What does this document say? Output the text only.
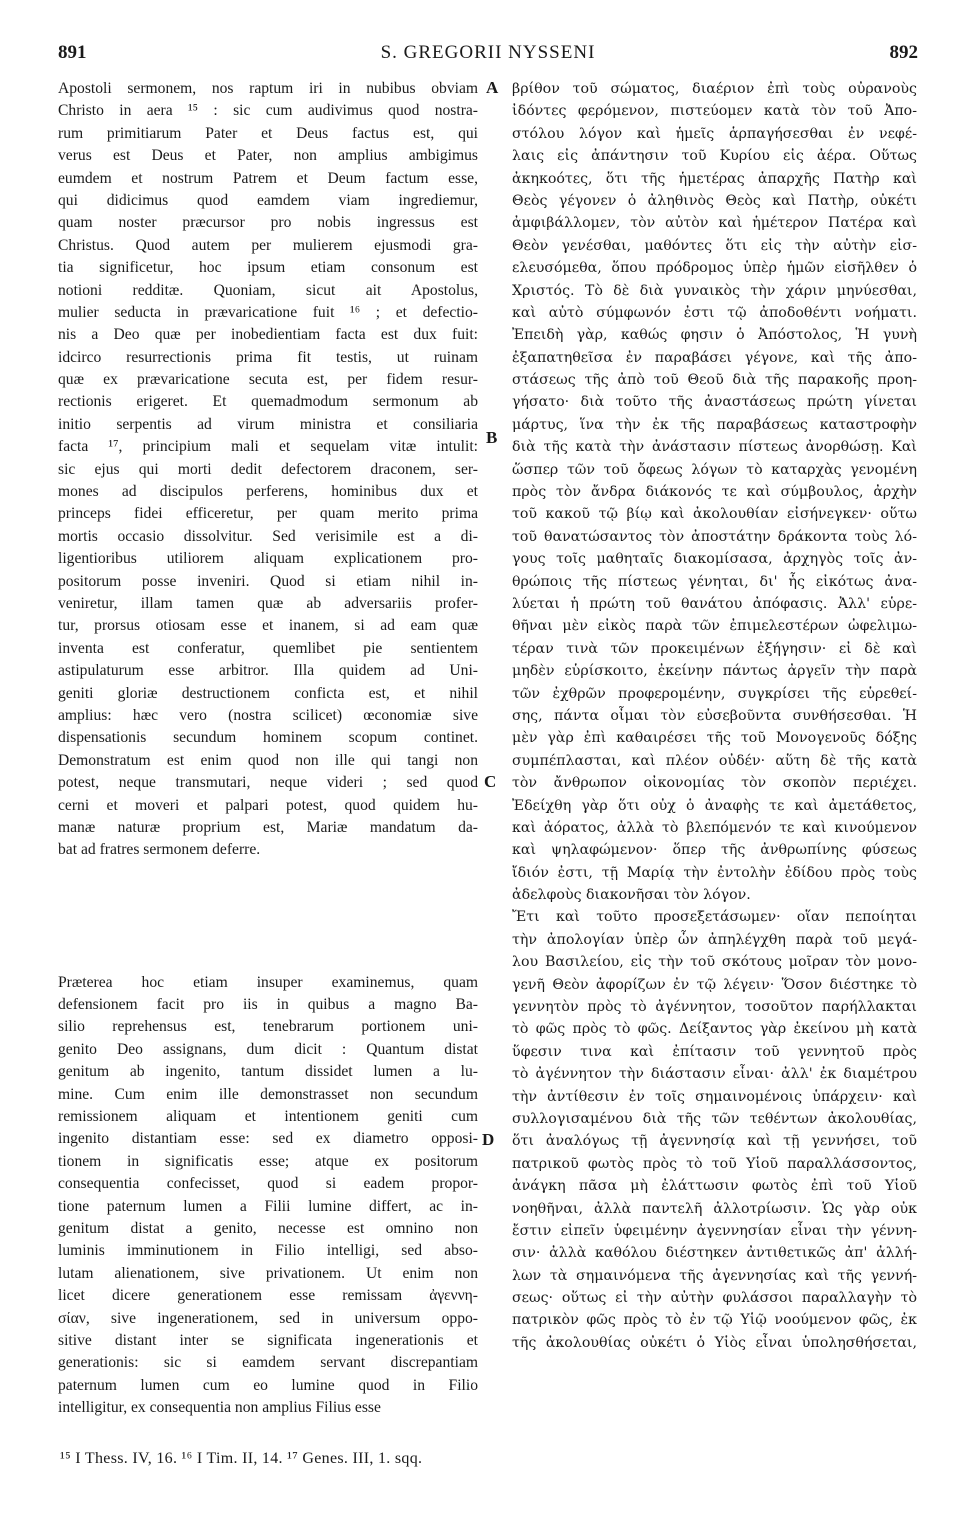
891	S. GREGORII NYSSENI	892
Apostoli sermonem, nos raptum iri in nubibus obviam
Christo in aera ¹⁵ : sic cum audivimus quod nostra-
rum primitiarum Pater et Deus factus est, qui
verus est Deus et Pater, non amplius ambigimus
eumdem et nostrum Patrem et Deum factum esse,
qui didicimus quod eamdem viam ingrediemur,
quam noster præcursor pro nobis ingressus est
Christus. Quod autem per mulierem ejusmodi gra-
tia significetur, hoc ipsum etiam consonum est
notioni redditæ. Quoniam, sicut ait Apostolus,
mulier seducta in prævaricatione fuit ¹⁶ ; et defectio-
nis a Deo quæ per inobedientiam facta est dux fuit:
idcirco resurrectionis prima fit testis, ut ruinam
quæ ex prævaricatione secuta est, per fidem resur-
rectionis erigeret. Et quemadmodum sermonum ab
initio serpentis ad virum ministra et consiliaria
facta ¹⁷, principium mali et sequelam vitæ intulit:
sic ejus qui morti dedit defectorem draconem, ser-
mones ad discipulos perferens, hominibus dux et
princeps fidei efficeretur, per quam merito prima
mortis occasio dissolvitur. Sed verisimile est a di-
ligentioribus utiliorem aliquam explicationem pro-
positorum posse inveniri. Quod si etiam nihil in-
veniretur, illam tamen quæ ab adversariis profer-
tur, prorsus otiosam esse et inanem, si ad eam quæ
inventa est conferatur, quemlibet pie sentientem
astipulaturum esse arbitror. Illa quidem ad Uni-
geniti gloriæ destructionem conficta est, et nihil
amplius: hæc vero (nostra scilicet) œconomiæ sive
dispensationis secundum hominem scopum continet.
Demonstratum est enim quod non ille qui tangi non
potest, neque transmutari, neque videri ; sed quod
cerni et moveri et palpari potest, quod quidem hu-
manæ naturæ proprium est, Mariæ mandatum da-
bat ad fratres sermonem deferre.
Præterea hoc etiam insuper examinemus, quam
defensionem facit pro iis in quibus a magno Ba-
silio reprehensus est, tenebrarum portionem uni-
genito Deo assignans, dum dicit : Quantum distat
genitum ab ingenito, tantum dissidet lumen a lu-
mine. Cum enim ille demonstrasset non secundum
remissionem aliquam et intentionem geniti cum
ingenito distantiam esse: sed ex diametro opposi-
tionem in significatis esse; atque ex positorum
consequentia confecisset, quod si eadem propor-
tione paternum lumen a Filii lumine differt, ac in-
genitum distat a genito, necesse est omnino non
luminis imminutionem in Filio intelligi, sed abso-
lutam alienationem, sive privationem. Ut enim non
licet dicere generationem esse remissam ἀγεννη-
σίαν, sive ingenerationem, sed in universum oppo-
sitive distant inter se significata ingenerationis et
generationis: sic si eamdem servant discrepantiam
paternum lumen cum eo lumine quod in Filio
intelligitur, ex consequentia non amplius Filius esse
βρίθον τοῦ σώματος, διαέριον ἐπὶ τοὺς οὐρανοὺς
ἰδόντες φερόμενον, πιστεύομεν κατὰ τὸν τοῦ Ἀπο-
στόλου λόγον καὶ ἡμεῖς ἁρπαγήσεσθαι ἐν νεφέ-
λαις εἰς ἀπάντησιν τοῦ Κυρίου εἰς ἀέρα. Οὕτως
ἀκηκοότες, ὅτι τῆς ἡμετέρας ἀπαρχῆς Πατὴρ καὶ
Θεὸς γέγονεν ὁ ἀληθινὸς Θεὸς καὶ Πατὴρ, οὐκέτι
ἀμφιβάλλομεν, τὸν αὐτὸν καὶ ἡμέτερον Πατέρα καὶ
Θεὸν γενέσθαι, μαθόντες ὅτι εἰς τὴν αὐτὴν εἰσ-
ελευσόμεθα, ὅπου πρόδρομος ὑπὲρ ἡμῶν εἰσῆλθεν ὁ
Χριστός. Τὸ δὲ διὰ γυναικὸς τὴν χάριν μηνύεσθαι,
καὶ αὐτὸ σύμφωνόν ἐστι τῷ ἀποδοθέντι νοήματι.
Ἐπειδὴ γὰρ, καθώς φησιν ὁ Ἀπόστολος, Ἡ γυνὴ
ἐξαπατηθεῖσα ἐν παραβάσει γέγονε, καὶ τῆς ἀπο-
στάσεως τῆς ἀπὸ τοῦ Θεοῦ διὰ τῆς παρακοῆς προη-
γήσατο· διὰ τοῦτο τῆς ἀναστάσεως πρώτη γίνεται
μάρτυς, ἵνα τὴν ἐκ τῆς παραβάσεως καταστροφὴν
διὰ τῆς κατὰ τὴν ἀνάστασιν πίστεως ἀνορθώσῃ. Καὶ
ὥσπερ τῶν τοῦ ὄφεως λόγων τὸ καταρχὰς γενομένη
πρὸς τὸν ἄνδρα διάκονός τε καὶ σύμβουλος, ἀρχὴν
τοῦ κακοῦ τῷ βίῳ καὶ ἀκολουθίαν εἰσήνεγκεν· οὕτω
τοῦ θανατώσαντος τὸν ἀποστάτην δράκοντα τοὺς λό-
γους τοῖς μαθηταῖς διακομίσασα, ἀρχηγὸς τοῖς ἀν-
θρώποις τῆς πίστεως γένηται, δι' ἧς εἰκότως ἀνα-
λύεται ἡ πρώτη τοῦ θανάτου ἀπόφασις. Ἀλλ' εὑρε-
θῆναι μὲν εἰκὸς παρὰ τῶν ἐπιμελεστέρων ὠφελιμω-
τέραν τινὰ τῶν προκειμένων ἐξήγησιν· εἰ δὲ καὶ
μηδὲν εὑρίσκοιτο, ἐκείνην πάντως ἀργεῖν τὴν παρὰ
τῶν ἐχθρῶν προφερομένην, συγκρίσει τῆς εὑρεθεί-
σης, πάντα οἶμαι τὸν εὐσεβοῦντα συνθήσεσθαι. Ἡ
μὲν γὰρ ἐπὶ καθαιρέσει τῆς τοῦ Μονογενοῦς δόξης
συμπέπλασται, καὶ πλέον οὐδέν· αὕτη δὲ τῆς κατὰ
τὸν ἄνθρωπον οἰκονομίας τὸν σκοπὸν περιέχει.
Ἐδείχθη γὰρ ὅτι οὐχ ὁ ἀναφὴς τε καὶ ἀμετάθετος,
καὶ ἀόρατος, ἀλλὰ τὸ βλεπόμενόν τε καὶ κινούμενον
καὶ ψηλαφώμενον· ὅπερ τῆς ἀνθρωπίνης φύσεως
ἴδιόν ἐστι, τῇ Μαρίᾳ τὴν ἐντολὴν ἐδίδου πρὸς τοὺς
ἀδελφοὺς διακονῆσαι τὸν λόγον.
Ἔτι καὶ τοῦτο προσεξετάσωμεν· οἵαν πεποίηται
τὴν ἀπολογίαν ὑπὲρ ὧν ἀπηλέγχθη παρὰ τοῦ μεγά-
λου Βασιλείου, εἰς τὴν τοῦ σκότους μοῖραν τὸν μονο-
γενῆ Θεὸν ἀφορίζων ἐν τῷ λέγειν· Ὅσον διέστηκε τὸ
γεννητὸν πρὸς τὸ ἀγέννητον, τοσοῦτον παρήλλακται
τὸ φῶς πρὸς τὸ φῶς. Δείξαντος γὰρ ἐκείνου μὴ κατὰ
ὕφεσιν τινα καὶ ἐπίτασιν τοῦ γεννητοῦ πρὸς
τὸ ἀγέννητον τὴν διάστασιν εἶναι· ἀλλ' ἐκ διαμέτρου
τὴν ἀντίθεσιν ἐν τοῖς σημαινομένοις ὑπάρχειν· καὶ
συλλογισαμένου διὰ τῆς τῶν τεθέντων ἀκολουθίας,
ὅτι ἀναλόγως τῇ ἀγεννησίᾳ καὶ τῇ γεννήσει, τοῦ
πατρικοῦ φωτὸς πρὸς τὸ τοῦ Υἱοῦ παραλλάσσοντος,
ἀνάγκη πᾶσα μὴ ἐλάττωσιν φωτὸς ἐπὶ τοῦ Υἱοῦ
νοηθῆναι, ἀλλὰ παντελῆ ἀλλοτρίωσιν. Ὡς γὰρ οὐκ
ἔστιν εἰπεῖν ὑφειμένην ἀγεννησίαν εἶναι τὴν γέννη-
σιν· ἀλλὰ καθόλου διέστηκεν ἀντιθετικῶς ἀπ' ἀλλή-
λων τὰ σημαινόμενα τῆς ἀγεννησίας καὶ τῆς γεννή-
σεως· οὕτως εἰ τὴν αὐτὴν φυλάσσοι παραλλαγὴν τὸ
πατρικὸν φῶς πρὸς τὸ ἐν τῷ Υἱῷ νοούμενον φῶς, ἐκ
τῆς ἀκολουθίας οὐκέτι ὁ Υἱὸς εἶναι ὑπολησθήσεται,
A
B
C
D
¹⁵ I Thess. IV, 16. ¹⁶ I Tim. II, 14. ¹⁷ Genes. III, 1. sqq.
